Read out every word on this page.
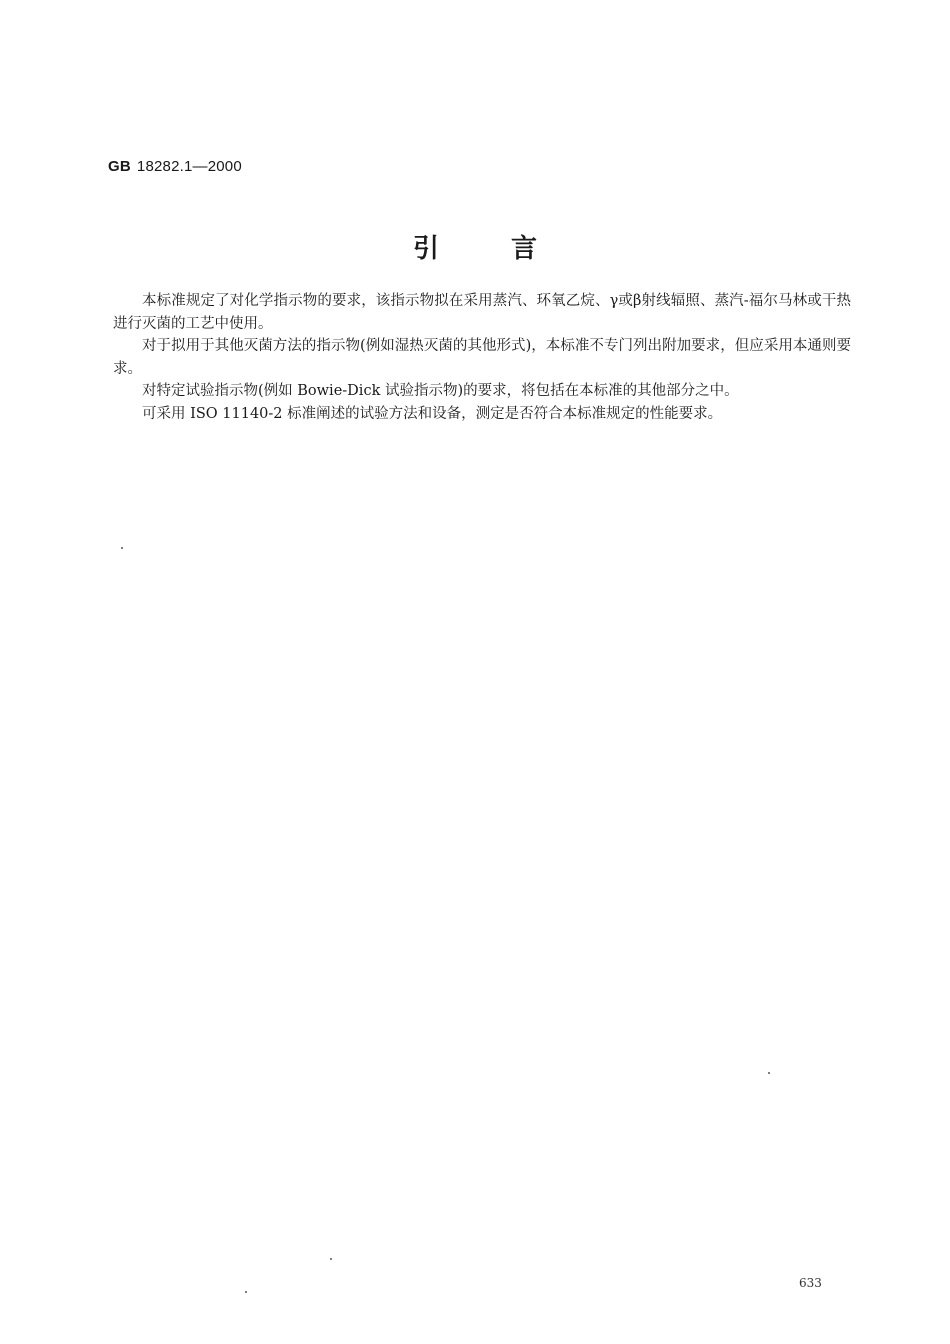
GB 18282.1—2000
引言

本标准规定了对化学指示物的要求，该指示物拟在采用蒸汽、环氧乙烷、γ或β射线辐照、蒸汽-福尔马林或干热进行灭菌的工艺中使用。

对于拟用于其他灭菌方法的指示物(例如湿热灭菌的其他形式)，本标准不专门列出附加要求，但应采用本通则要求。

对特定试验指示物(例如 Bowie-Dick 试验指示物)的要求，将包括在本标准的其他部分之中。

可采用 ISO 11140-2 标准阐述的试验方法和设备，测定是否符合本标准规定的性能要求。

633
